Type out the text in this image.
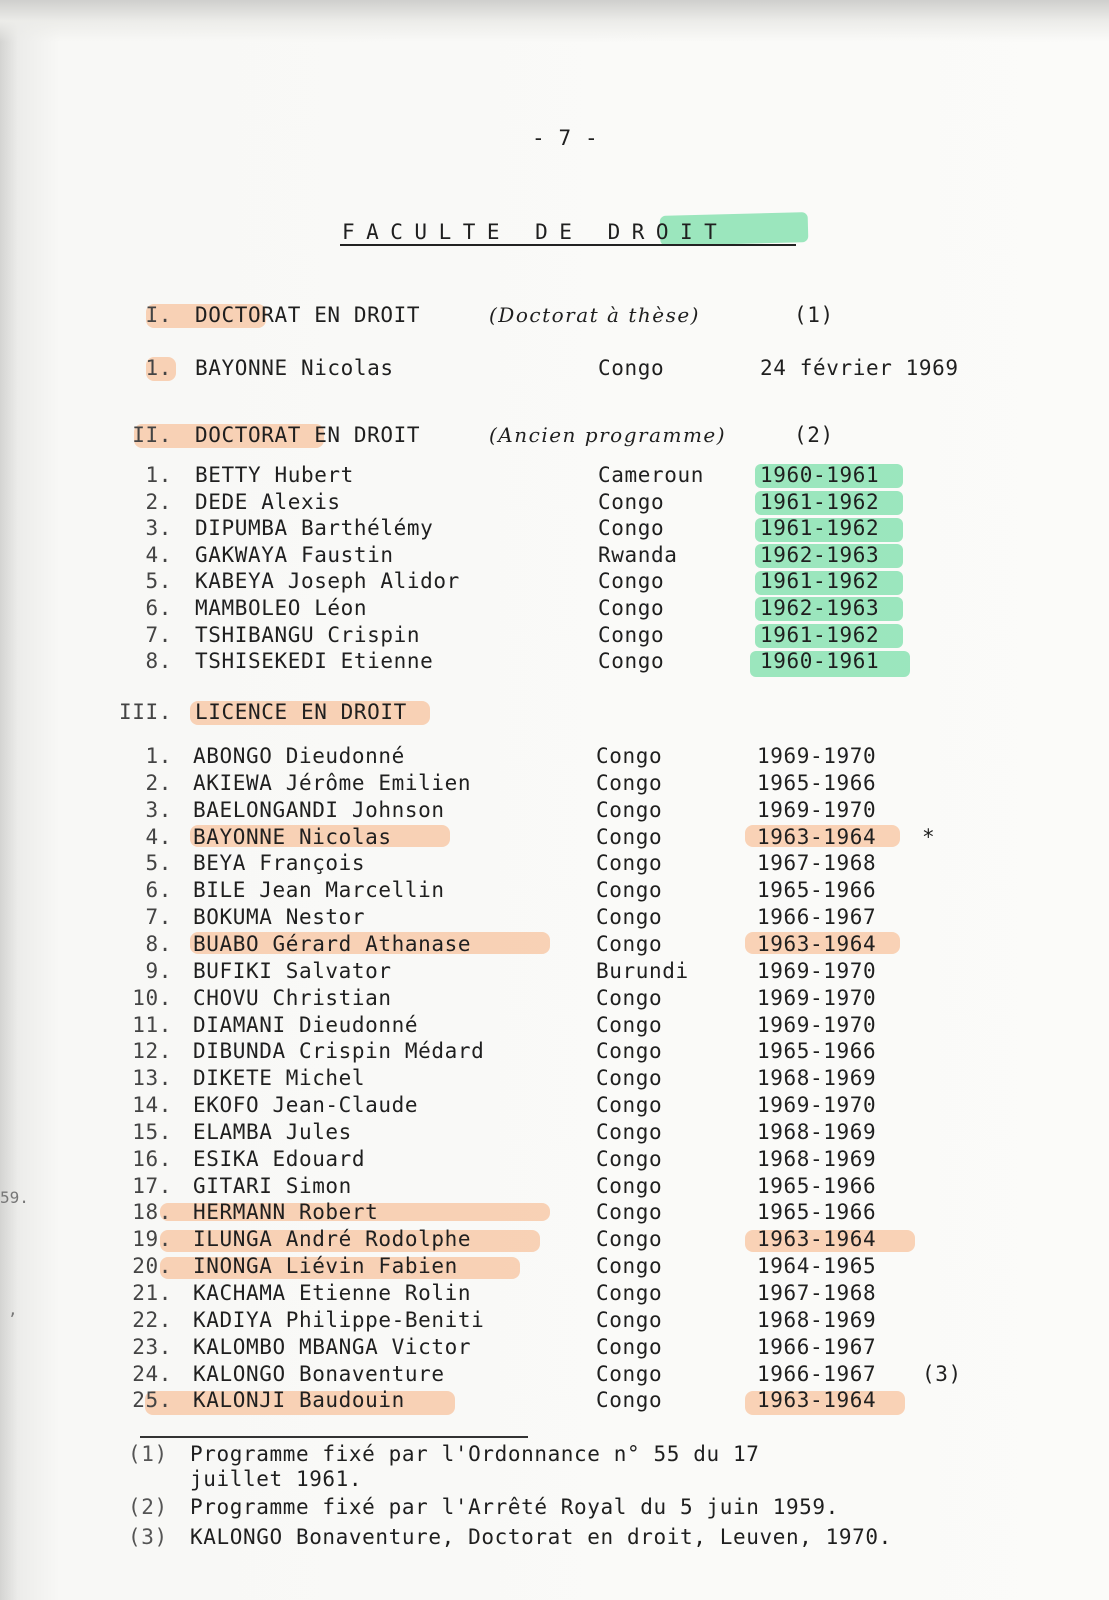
59.
,
- 7 -
FACULTE DE DROIT
I. DOCTORAT EN DROIT	(Doctorat à thèse)	(1)
1. BAYONNE Nicolas	Congo	24 février 1969
II. DOCTORAT EN DROIT	(Ancien programme)	(2)
1. BETTY Hubert	Cameroun	1960-1961
2. DEDE Alexis	Congo	1961-1962
3. DIPUMBA Barthélémy	Congo	1961-1962
4. GAKWAYA Faustin	Rwanda	1962-1963
5. KABEYA Joseph Alidor	Congo	1961-1962
6. MAMBOLEO Léon	Congo	1962-1963
7. TSHIBANGU Crispin	Congo	1961-1962
8. TSHISEKEDI Etienne	Congo	1960-1961
III. LICENCE EN DROIT
1. ABONGO Dieudonné	Congo	1969-1970
2. AKIEWA Jérôme Emilien	Congo	1965-1966
3. BAELONGANDI Johnson	Congo	1969-1970
4. BAYONNE Nicolas	Congo	1963-1964 *
5. BEYA François	Congo	1967-1968
6. BILE Jean Marcellin	Congo	1965-1966
7. BOKUMA Nestor	Congo	1966-1967
8. BUABO Gérard Athanase	Congo	1963-1964
9. BUFIKI Salvator	Burundi	1969-1970
10. CHOVU Christian	Congo	1969-1970
11. DIAMANI Dieudonné	Congo	1969-1970
12. DIBUNDA Crispin Médard	Congo	1965-1966
13. DIKETE Michel	Congo	1968-1969
14. EKOFO Jean-Claude	Congo	1969-1970
15. ELAMBA Jules	Congo	1968-1969
16. ESIKA Edouard	Congo	1968-1969
17. GITARI Simon	Congo	1965-1966
18. HERMANN Robert	Congo	1965-1966
19. ILUNGA André Rodolphe	Congo	1963-1964
20. INONGA Liévin Fabien	Congo	1964-1965
21. KACHAMA Etienne Rolin	Congo	1967-1968
22. KADIYA Philippe-Beniti	Congo	1968-1969
23. KALOMBO MBANGA Victor	Congo	1966-1967
24. KALONGO Bonaventure	Congo	1966-1967 (3)
25. KALONJI Baudouin	Congo	1963-1964
(1) Programme fixé par l'Ordonnance n° 55 du 17
juillet 1961.
(2) Programme fixé par l'Arrêté Royal du 5 juin 1959.
(3) KALONGO Bonaventure, Doctorat en droit, Leuven, 1970.
